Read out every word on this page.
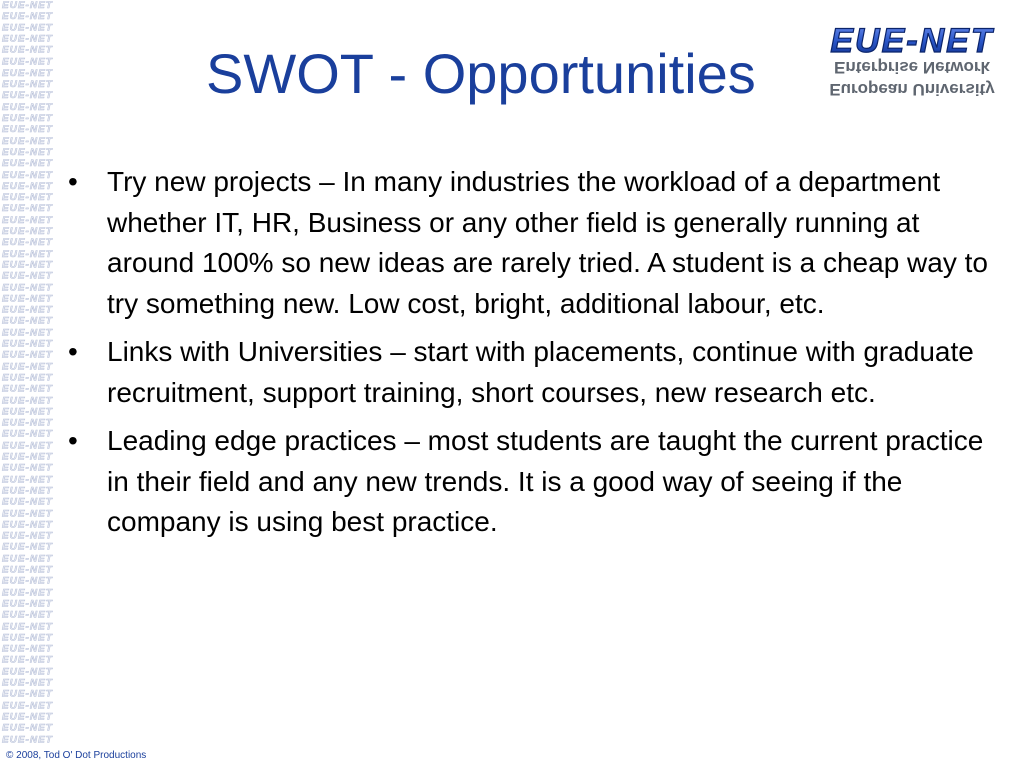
EUE-NET
EUE-NET
EUE-NET
EUE-NET
EUE-NET
EUE-NET
EUE-NET
EUE-NET
EUE-NET
EUE-NET
EUE-NET
EUE-NET
EUE-NET
EUE-NET
EUE-NET
EUE-NET
EUE-NET
EUE-NET
EUE-NET
EUE-NET
EUE-NET
EUE-NET
EUE-NET
EUE-NET
EUE-NET
EUE-NET
EUE-NET
EUE-NET
EUE-NET
EUE-NET
EUE-NET
EUE-NET
EUE-NET
EUE-NET
EUE-NET
EUE-NET
EUE-NET
EUE-NET
EUE-NET
EUE-NET
EUE-NET
EUE-NET
EUE-NET
EUE-NET
EUE-NET
EUE-NET
EUE-NET
EUE-NET
EUE-NET
EUE-NET
EUE-NET
EUE-NET
EUE-NET
EUE-NET
EUE-NET
EUE-NET
EUE-NET
EUE-NET
EUE-NET
EUE-NET
EUE-NET
EUE-NET
EUE-NET
EUE-NET
EUE-NET
EUE-NET
SWOT - Opportunities
EUE-NET
Enterprise Network
European University
• Try new projects – In many industries the workload of a department whether IT, HR, Business or any other field is generally running at around 100% so new ideas are rarely tried. A student is a cheap way to try something new. Low cost, bright, additional labour, etc.
• Links with Universities – start with placements, continue with graduate recruitment, support training, short courses, new research etc.
• Leading edge practices – most students are taught the current practice in their field and any new trends. It is a good way of seeing if the company is using best practice.
© 2008, Tod O' Dot Productions
